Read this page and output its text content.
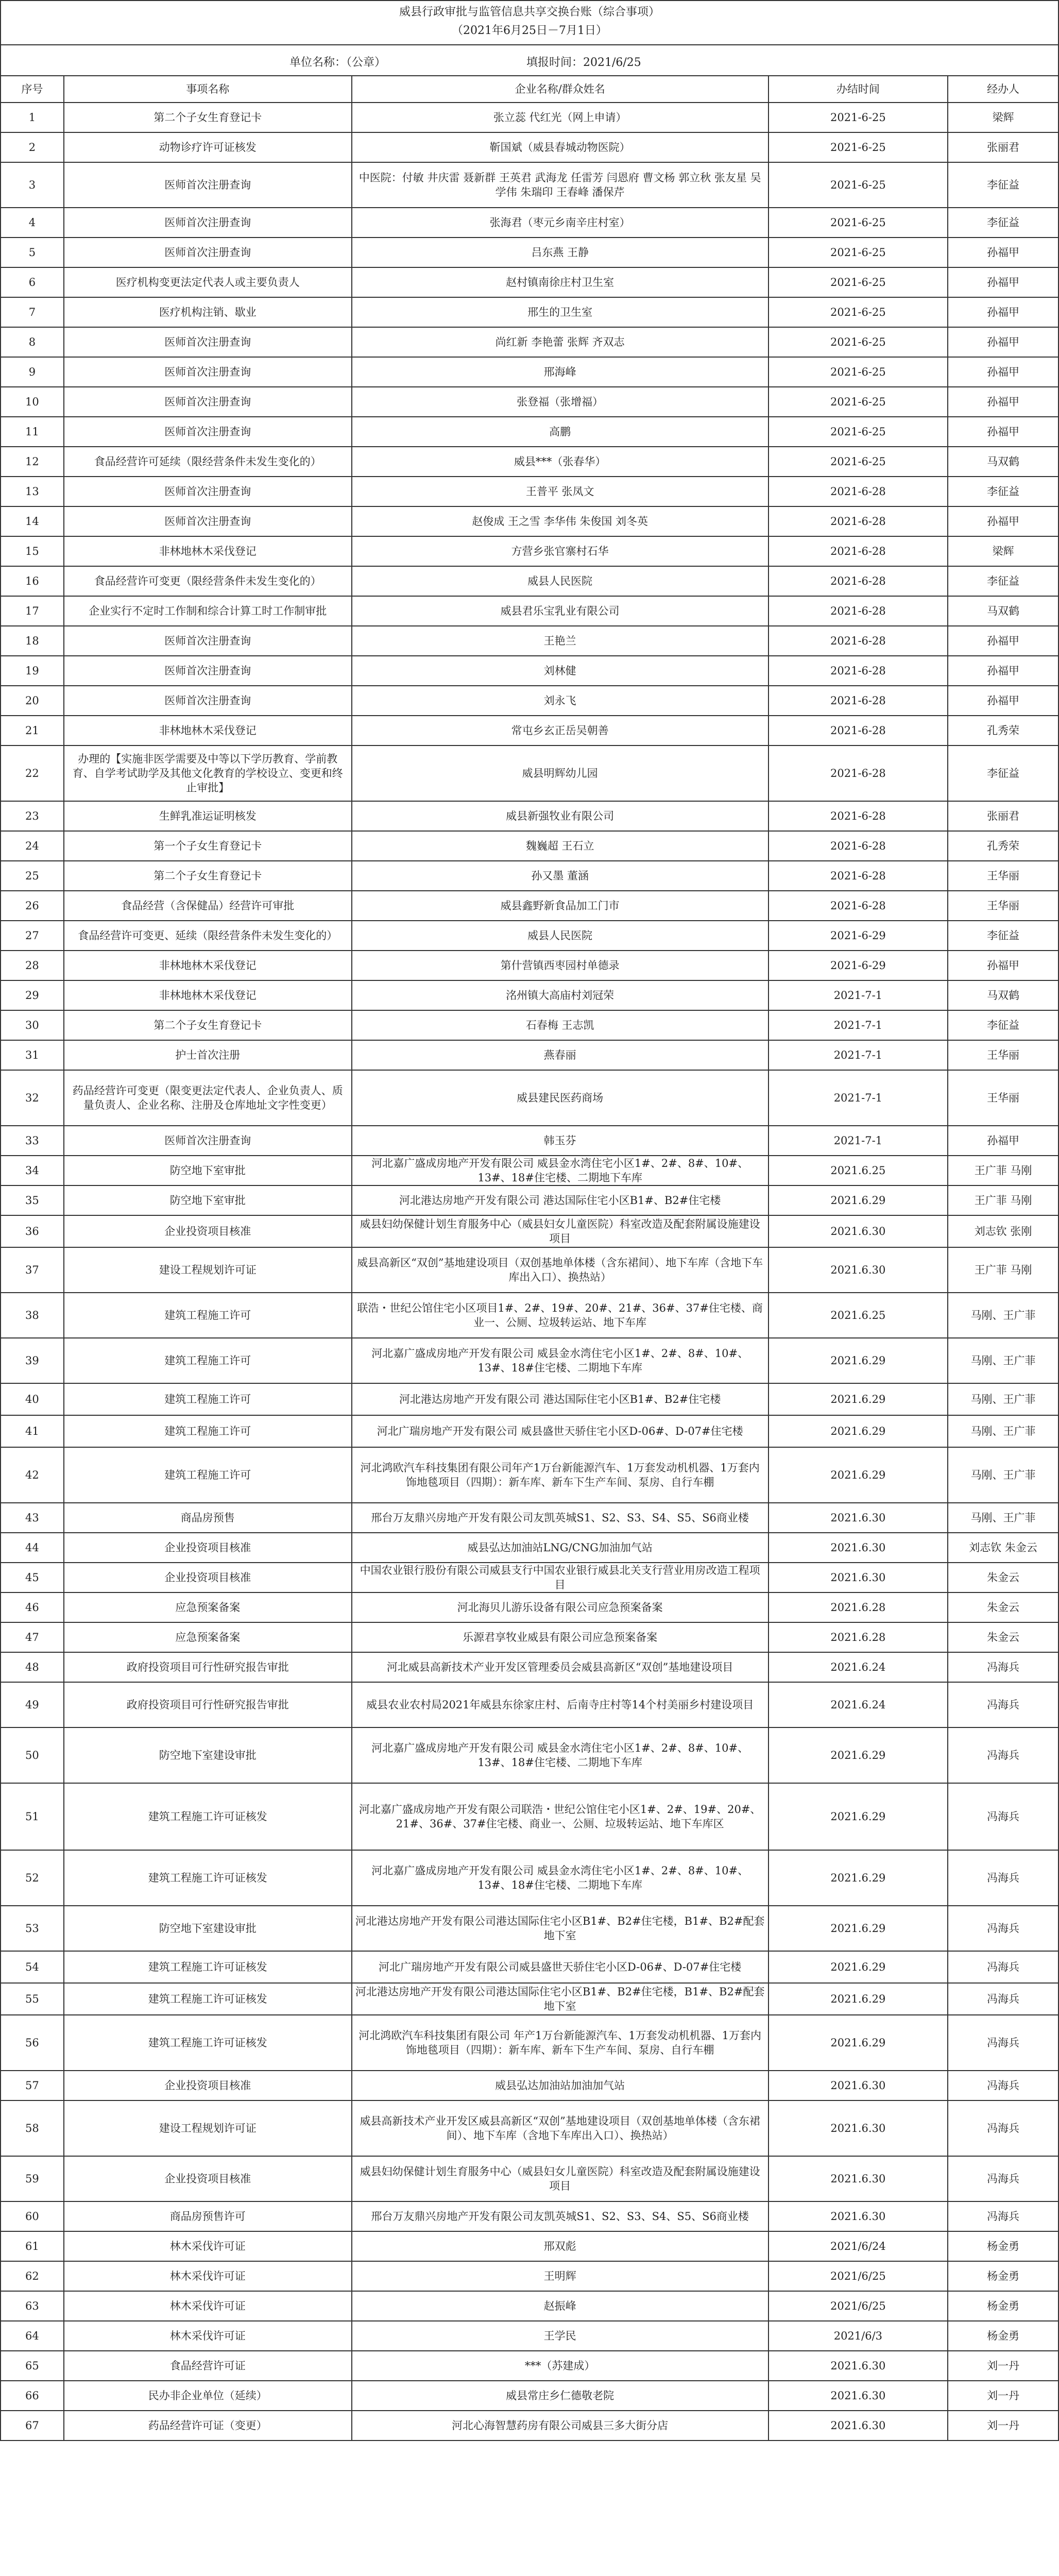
威县行政审批与监管信息共享交换台账（综合事项）
（2021年6月25日－7月1日）
单位名称：（公章）	填报时间：2021/6/25
序号	事项名称	企业名称/群众姓名	办结时间	经办人
1	第二个子女生育登记卡	张立蕊 代红光（网上申请）	2021-6-25	梁辉
2	动物诊疗许可证核发	靳国斌（威县春城动物医院）	2021-6-25	张丽君
3	医师首次注册查询	中医院：付敏 井庆雷 聂新群 王英君 武海龙 任雷芳 闫恩府 曹文杨 郭立秋 张友星 吴学伟 朱瑞印 王春峰 潘保芹	2021-6-25	李征益
4	医师首次注册查询	张海君（枣元乡南辛庄村室）	2021-6-25	李征益
5	医师首次注册查询	吕东燕 王静	2021-6-25	孙福甲
6	医疗机构变更法定代表人或主要负责人	赵村镇南徐庄村卫生室	2021-6-25	孙福甲
7	医疗机构注销、歇业	邢生的卫生室	2021-6-25	孙福甲
8	医师首次注册查询	尚红新 李艳蕾 张辉 齐双志	2021-6-25	孙福甲
9	医师首次注册查询	邢海峰	2021-6-25	孙福甲
10	医师首次注册查询	张登福（张增福）	2021-6-25	孙福甲
11	医师首次注册查询	高鹏	2021-6-25	孙福甲
12	食品经营许可延续（限经营条件未发生变化的）	威县***（张春华）	2021-6-25	马双鹤
13	医师首次注册查询	王普平 张凤文	2021-6-28	李征益
14	医师首次注册查询	赵俊成 王之雪 李华伟 朱俊国 刘冬英	2021-6-28	孙福甲
15	非林地林木采伐登记	方营乡张官寨村石华	2021-6-28	梁辉
16	食品经营许可变更（限经营条件未发生变化的）	威县人民医院	2021-6-28	李征益
17	企业实行不定时工作制和综合计算工时工作制审批	威县君乐宝乳业有限公司	2021-6-28	马双鹤
18	医师首次注册查询	王艳兰	2021-6-28	孙福甲
19	医师首次注册查询	刘林健	2021-6-28	孙福甲
20	医师首次注册查询	刘永飞	2021-6-28	孙福甲
21	非林地林木采伐登记	常屯乡玄正岳吴朝善	2021-6-28	孔秀荣
22	办理的【实施非医学需要及中等以下学历教育、学前教育、自学考试助学及其他文化教育的学校设立、变更和终止审批】	威县明辉幼儿园	2021-6-28	李征益
23	生鲜乳准运证明核发	威县新强牧业有限公司	2021-6-28	张丽君
24	第一个子女生育登记卡	魏巍超 王石立	2021-6-28	孔秀荣
25	第二个子女生育登记卡	孙又墨 董涵	2021-6-28	王华丽
26	食品经营（含保健品）经营许可审批	威县鑫野新食品加工门市	2021-6-28	王华丽
27	食品经营许可变更、延续（限经营条件未发生变化的）	威县人民医院	2021-6-29	李征益
28	非林地林木采伐登记	第什营镇西枣园村单德录	2021-6-29	孙福甲
29	非林地林木采伐登记	洺州镇大高庙村刘冠荣	2021-7-1	马双鹤
30	第二个子女生育登记卡	石春梅 王志凯	2021-7-1	李征益
31	护士首次注册	燕春丽	2021-7-1	王华丽
32	药品经营许可变更（限变更法定代表人、企业负责人、质量负责人、企业名称、注册及仓库地址文字性变更）	威县建民医药商场	2021-7-1	王华丽
33	医师首次注册查询	韩玉芬	2021-7-1	孙福甲
34	防空地下室审批	河北嘉广盛成房地产开发有限公司 威县金水湾住宅小区1#、2#、8#、10#、13#、18#住宅楼、二期地下车库	2021.6.25	王广菲 马刚
35	防空地下室审批	河北港达房地产开发有限公司 港达国际住宅小区B1#、B2#住宅楼	2021.6.29	王广菲 马刚
36	企业投资项目核准	威县妇幼保健计划生育服务中心（威县妇女儿童医院）科室改造及配套附属设施建设项目	2021.6.30	刘志钦 张刚
37	建设工程规划许可证	威县高新区“双创”基地建设项目（双创基地单体楼（含东裙间）、地下车库（含地下车库出入口）、换热站）	2021.6.30	王广菲 马刚
38	建筑工程施工许可	联浩・世纪公馆住宅小区项目1#、2#、19#、20#、21#、36#、37#住宅楼、商业一、公厕、垃圾转运站、地下车库	2021.6.25	马刚、王广菲
39	建筑工程施工许可	河北嘉广盛成房地产开发有限公司 威县金水湾住宅小区1#、2#、8#、10#、13#、18#住宅楼、二期地下车库	2021.6.29	马刚、王广菲
40	建筑工程施工许可	河北港达房地产开发有限公司 港达国际住宅小区B1#、B2#住宅楼	2021.6.29	马刚、王广菲
41	建筑工程施工许可	河北广瑞房地产开发有限公司 威县盛世天骄住宅小区D-06#、D-07#住宅楼	2021.6.29	马刚、王广菲
42	建筑工程施工许可	河北鸿欧汽车科技集团有限公司年产1万台新能源汽车、1万套发动机机器、1万套内饰地毯项目（四期）：新车库、新车下生产车间、泵房、自行车棚	2021.6.29	马刚、王广菲
43	商品房预售	邢台万友鼎兴房地产开发有限公司友凯英城S1、S2、S3、S4、S5、S6商业楼	2021.6.30	马刚、王广菲
44	企业投资项目核准	威县弘达加油站LNG/CNG加油加气站	2021.6.30	刘志钦 朱金云
45	企业投资项目核准	中国农业银行股份有限公司威县支行中国农业银行威县北关支行营业用房改造工程项目	2021.6.30	朱金云
46	应急预案备案	河北海贝儿游乐设备有限公司应急预案备案	2021.6.28	朱金云
47	应急预案备案	乐源君享牧业威县有限公司应急预案备案	2021.6.28	朱金云
48	政府投资项目可行性研究报告审批	河北威县高新技术产业开发区管理委员会威县高新区“双创”基地建设项目	2021.6.24	冯海兵
49	政府投资项目可行性研究报告审批	威县农业农村局2021年威县东徐家庄村、后南寺庄村等14个村美丽乡村建设项目	2021.6.24	冯海兵
50	防空地下室建设审批	河北嘉广盛成房地产开发有限公司 威县金水湾住宅小区1#、2#、8#、10#、13#、18#住宅楼、二期地下车库	2021.6.29	冯海兵
51	建筑工程施工许可证核发	河北嘉广盛成房地产开发有限公司联浩・世纪公馆住宅小区1#、2#、19#、20#、21#、36#、37#住宅楼、商业一、公厕、垃圾转运站、地下车库区	2021.6.29	冯海兵
52	建筑工程施工许可证核发	河北嘉广盛成房地产开发有限公司 威县金水湾住宅小区1#、2#、8#、10#、13#、18#住宅楼、二期地下车库	2021.6.29	冯海兵
53	防空地下室建设审批	河北港达房地产开发有限公司港达国际住宅小区B1#、B2#住宅楼，B1#、B2#配套地下室	2021.6.29	冯海兵
54	建筑工程施工许可证核发	河北广瑞房地产开发有限公司威县盛世天骄住宅小区D-06#、D-07#住宅楼	2021.6.29	冯海兵
55	建筑工程施工许可证核发	河北港达房地产开发有限公司港达国际住宅小区B1#、B2#住宅楼，B1#、B2#配套地下室	2021.6.29	冯海兵
56	建筑工程施工许可证核发	河北鸿欧汽车科技集团有限公司 年产1万台新能源汽车、1万套发动机机器、1万套内饰地毯项目（四期）：新车库、新车下生产车间、泵房、自行车棚	2021.6.29	冯海兵
57	企业投资项目核准	威县弘达加油站加油加气站	2021.6.30	冯海兵
58	建设工程规划许可证	威县高新技术产业开发区威县高新区“双创”基地建设项目（双创基地单体楼（含东裙间）、地下车库（含地下车库出入口）、换热站）	2021.6.30	冯海兵
59	企业投资项目核准	威县妇幼保健计划生育服务中心（威县妇女儿童医院）科室改造及配套附属设施建设项目	2021.6.30	冯海兵
60	商品房预售许可	邢台万友鼎兴房地产开发有限公司友凯英城S1、S2、S3、S4、S5、S6商业楼	2021.6.30	冯海兵
61	林木采伐许可证	邢双彪	2021/6/24	杨金勇
62	林木采伐许可证	王明辉	2021/6/25	杨金勇
63	林木采伐许可证	赵振峰	2021/6/25	杨金勇
64	林木采伐许可证	王学民	2021/6/3	杨金勇
65	食品经营许可证	***（苏建成）	2021.6.30	刘一丹
66	民办非企业单位（延续）	威县常庄乡仁德敬老院	2021.6.30	刘一丹
67	药品经营许可证（变更）	河北心海智慧药房有限公司威县三多大街分店	2021.6.30	刘一丹
